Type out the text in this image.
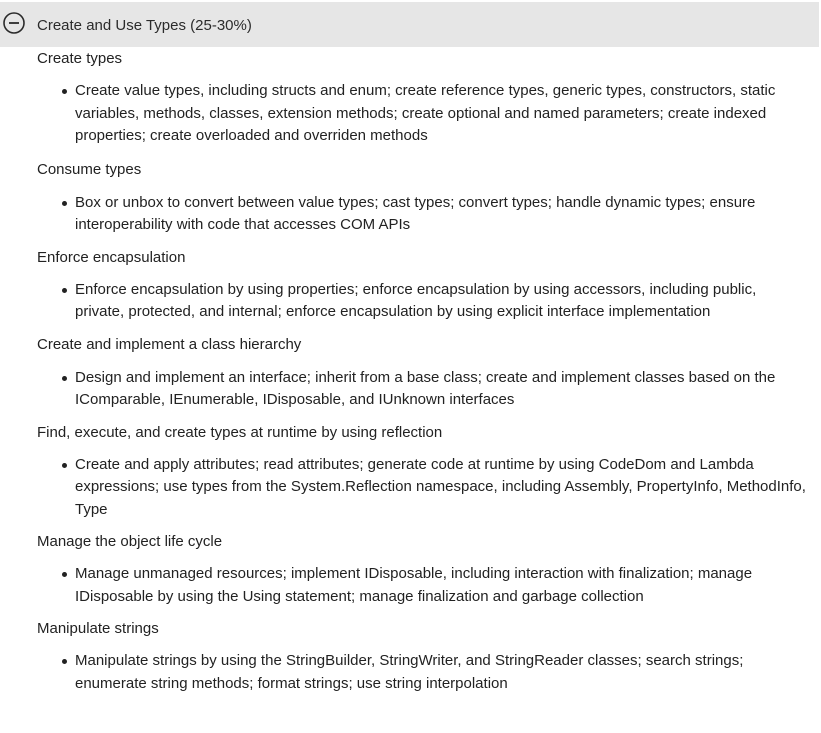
Create and Use Types (25-30%)

Create types

Create value types, including structs and enum; create reference types, generic types, constructors, static variables, methods, classes, extension methods; create optional and named parameters; create indexed properties; create overloaded and overriden methods

Consume types

Box or unbox to convert between value types; cast types; convert types; handle dynamic types; ensure interoperability with code that accesses COM APIs

Enforce encapsulation

Enforce encapsulation by using properties; enforce encapsulation by using accessors, including public, private, protected, and internal; enforce encapsulation by using explicit interface implementation

Create and implement a class hierarchy

Design and implement an interface; inherit from a base class; create and implement classes based on the IComparable, IEnumerable, IDisposable, and IUnknown interfaces

Find, execute, and create types at runtime by using reflection

Create and apply attributes; read attributes; generate code at runtime by using CodeDom and Lambda expressions; use types from the System.Reflection namespace, including Assembly, PropertyInfo, MethodInfo, Type

Manage the object life cycle

Manage unmanaged resources; implement IDisposable, including interaction with finalization; manage IDisposable by using the Using statement; manage finalization and garbage collection

Manipulate strings

Manipulate strings by using the StringBuilder, StringWriter, and StringReader classes; search strings; enumerate string methods; format strings; use string interpolation
